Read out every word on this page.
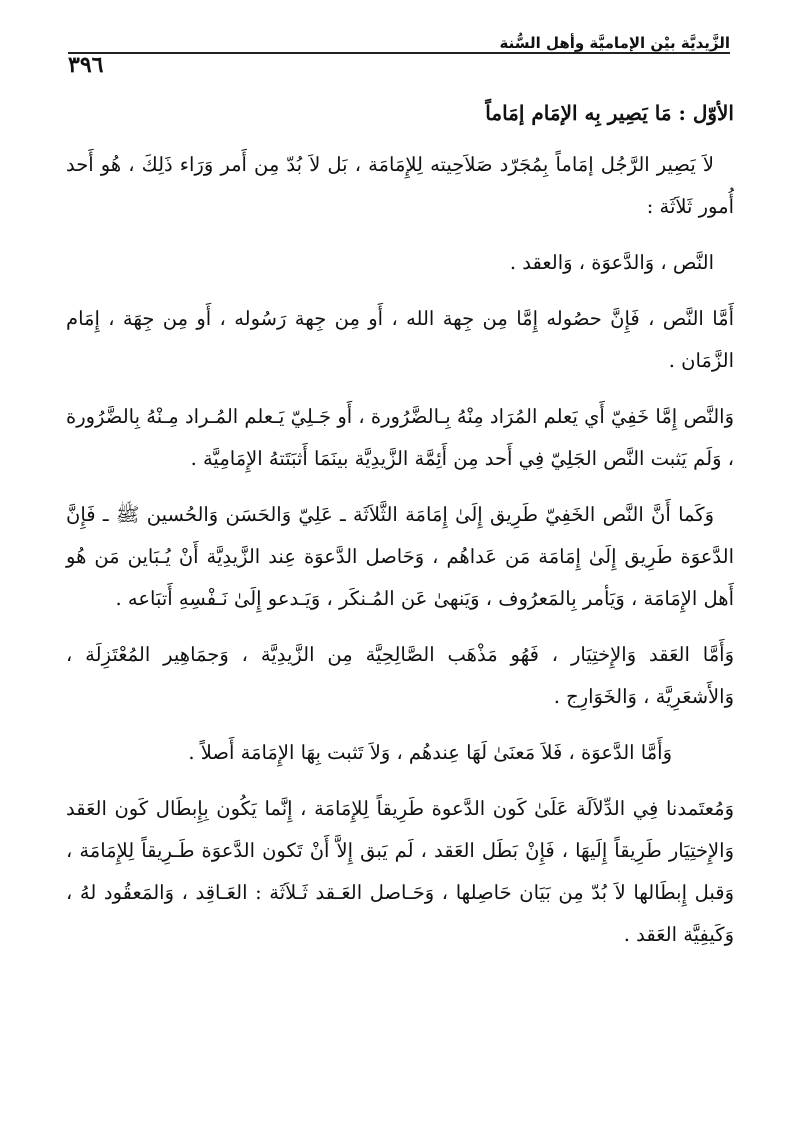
الزَّيديَّة بيْن الإماميَّة وأهل السُّنة
٣٩٦
الأوّل : مَا يَصِير بِه الإمَام إمَاماً

لاَ يَصِير الرَّجُل إمَاماً بِمُجَرّد صَلاَحِيته لِلإِمَامَة ، بَل لاَ بُدّ مِن أَمر وَرَاء ذَلِكَ ، هُو أَحد أُمور ثَلاَثَة :

النَّص ، وَالدَّعوَة ، وَالعقد .

أَمَّا النَّص ، فَإِنَّ حصُوله إِمَّا مِن جِهة الله ، أَو مِن جِهة رَسُوله ، أَو مِن جِهَة ، إِمَام الزَّمَان .

وَالنَّص إِمَّا خَفِيّ أَي يَعلم المُرَاد مِنْهُ بِـالضَّرُورة ، أَو جَـلِيّ يَـعلم المُـراد مِـنْهُ بِالضَّرُورة ، وَلَم يَثبت النَّص الجَلِيّ فِي أَحد مِن أَئِمَّة الزَّيدِيَّة بينَمَا أَثبَتَتهُ الإِمَامِيَّة .

وَكَما أَنَّ النَّص الخَفِيّ طَرِيق إِلَىٰ إِمَامَة الثَّلاَثَة ـ عَلِيّ وَالحَسَن وَالحُسين ﷺ ـ فَإِنَّ الدَّعوَة طَرِيق إِلَىٰ إِمَامَة مَن عَداهُم ، وَحَاصل الدَّعوَة عِند الزَّيدِيَّة أَنْ يُـبَاين مَن هُو أَهل الإِمَامَة ، وَيَأمر بِالمَعرُوف ، وَيَنهىٰ عَن المُـنكَر ، وَيَـدعو إِلَىٰ نَـفْسِهِ أَتبَاعه .

وَأَمَّا العَقد وَالإِختِيَار ، فَهُو مَذْهَب الصَّالِحِيَّة مِن الزَّيدِيَّة ، وَجمَاهِير المُعْتَزِلَة ، وَالأَشعَرِيَّة ، وَالخَوَارِج .

وَأَمَّا الدَّعوَة ، فَلاَ مَعنَىٰ لَهَا عِندهُم ، وَلاَ تَثبت بِهَا الإِمَامَة أَصلاً .

وَمُعتَمدنا فِي الدِّلاَلَة عَلَىٰ كَون الدَّعوة طَرِيقاً لِلإِمَامَة ، إِنَّما يَكُون بِإِبطَال كَون العَقد وَالإِختِيَار طَرِيقاً إِلَيهَا ، فَإِنْ بَطَل العَقد ، لَم يَبق إِلاَّ أَنْ تَكون الدَّعوَة طَـرِيقاً لِلإِمَامَة ، وَقبل إِبطَالها لاَ بُدّ مِن بَيَان حَاصِلها ، وَحَـاصل العَـقد ثَـلاَثَة : العَـاقِد ، وَالمَعقُود لهُ ، وَكَيفِيَّة العَقد .
